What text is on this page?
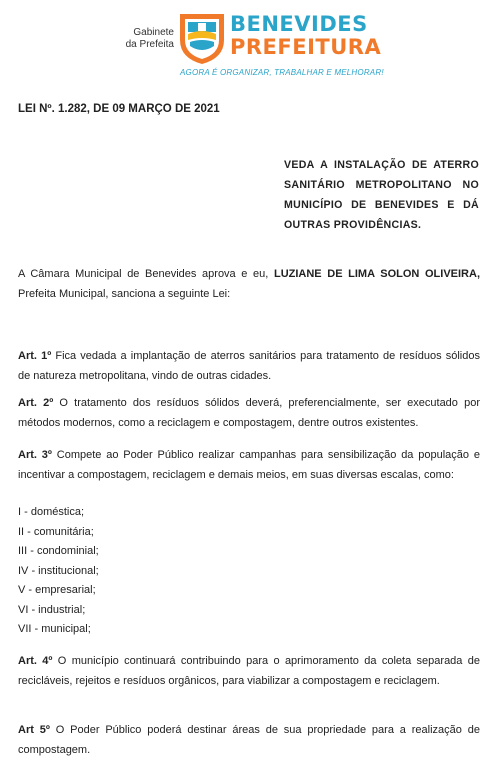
Gabinete
da Prefeita
BENEVIDES
PREFEITURA
AGORA É ORGANIZAR, TRABALHAR E MELHORAR!
LEI Nº. 1.282, DE 09 MARÇO DE 2021
VEDA A INSTALAÇÃO DE ATERRO SANITÁRIO METROPOLITANO NO MUNICÍPIO DE BENEVIDES E DÁ OUTRAS PROVIDÊNCIAS.
A Câmara Municipal de Benevides aprova e eu, LUZIANE DE LIMA SOLON OLIVEIRA, Prefeita Municipal, sanciona a seguinte Lei:
Art. 1º Fica vedada a implantação de aterros sanitários para tratamento de resíduos sólidos de natureza metropolitana, vindo de outras cidades.
Art. 2º O tratamento dos resíduos sólidos deverá, preferencialmente, ser executado por métodos modernos, como a reciclagem e compostagem, dentre outros existentes.
Art. 3º Compete ao Poder Público realizar campanhas para sensibilização da população e incentivar a compostagem, reciclagem e demais meios, em suas diversas escalas, como:
I - doméstica;
II - comunitária;
III - condominial;
IV - institucional;
V - empresarial;
VI - industrial;
VII - municipal;
Art. 4º O município continuará contribuindo para o aprimoramento da coleta separada de recicláveis, rejeitos e resíduos orgânicos, para viabilizar a compostagem e reciclagem.
Art 5º O Poder Público poderá destinar áreas de sua propriedade para a realização de compostagem.
